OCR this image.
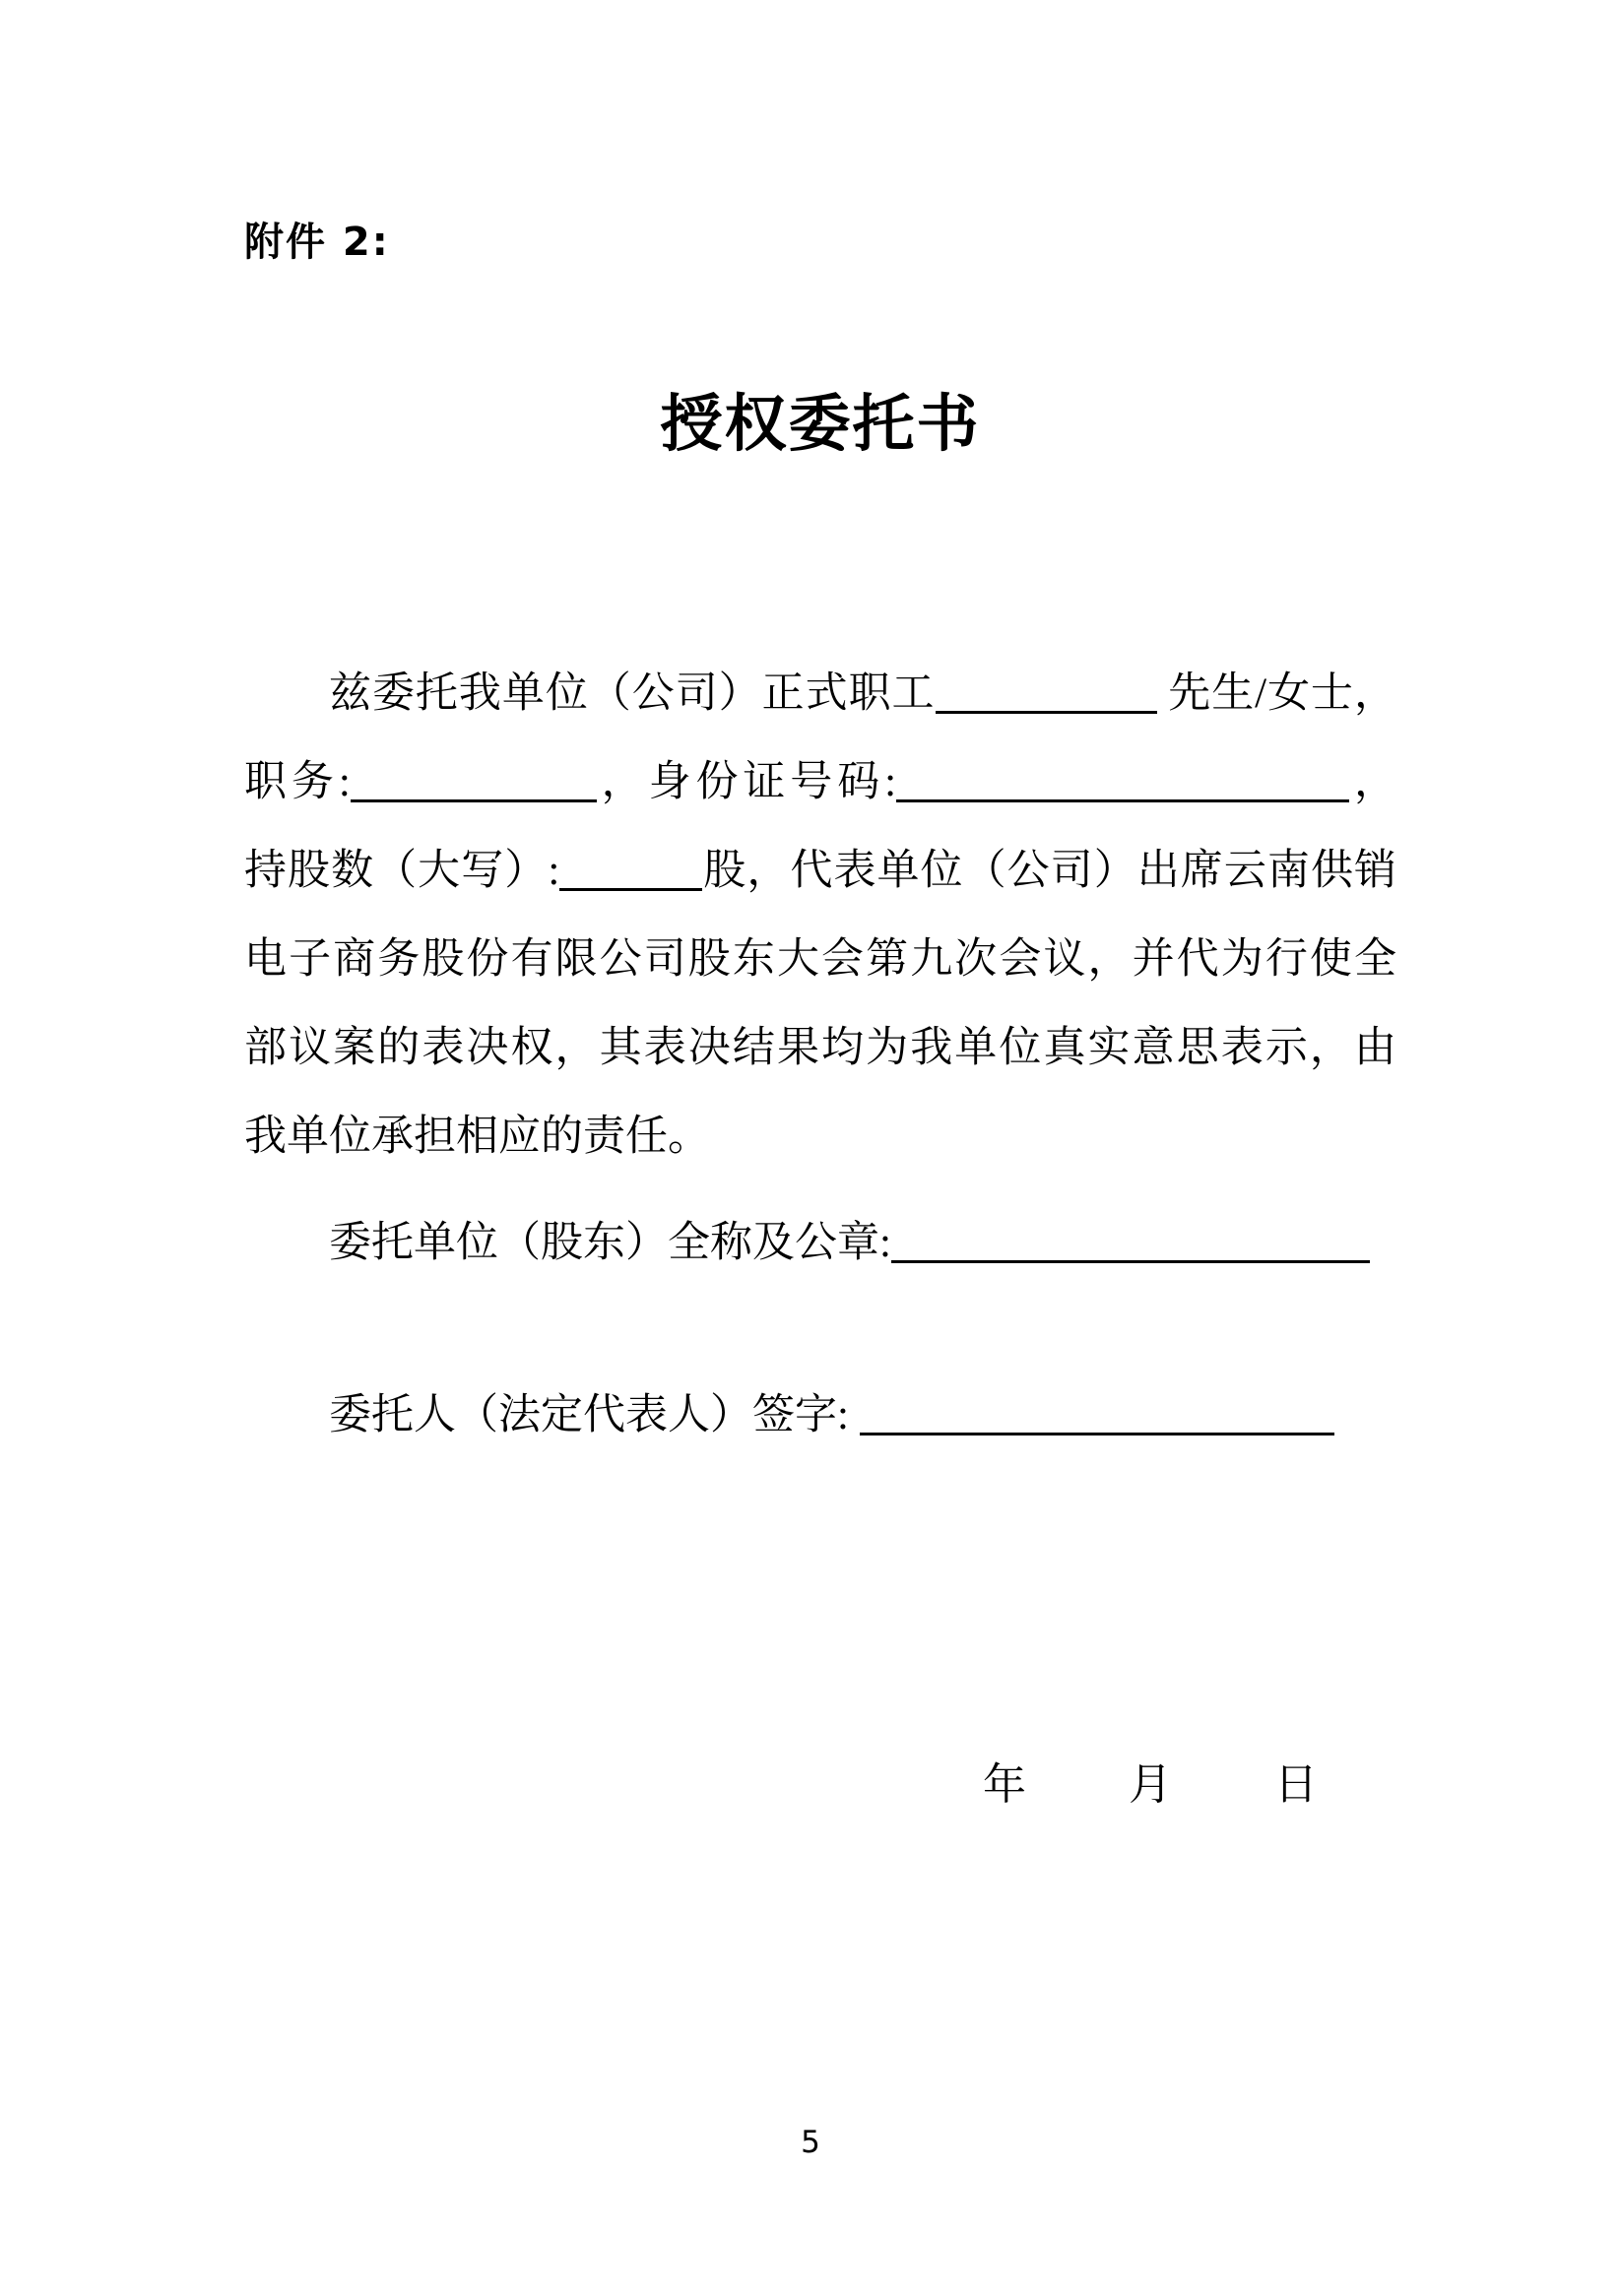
附件 2:
授权委托书
兹委托我单位（公司）正式职工	先生/女士，
职务:	，身份证号码:	，
持股数（大写）:	股，代表单位（公司）出席云南供销
电子商务股份有限公司股东大会第九次会议，并代为行使全
部议案的表决权，其表决结果均为我单位真实意思表示，由
我单位承担相应的责任。
委托单位（股东）全称及公章:
委托人（法定代表人）签字:
年 月 日
5
